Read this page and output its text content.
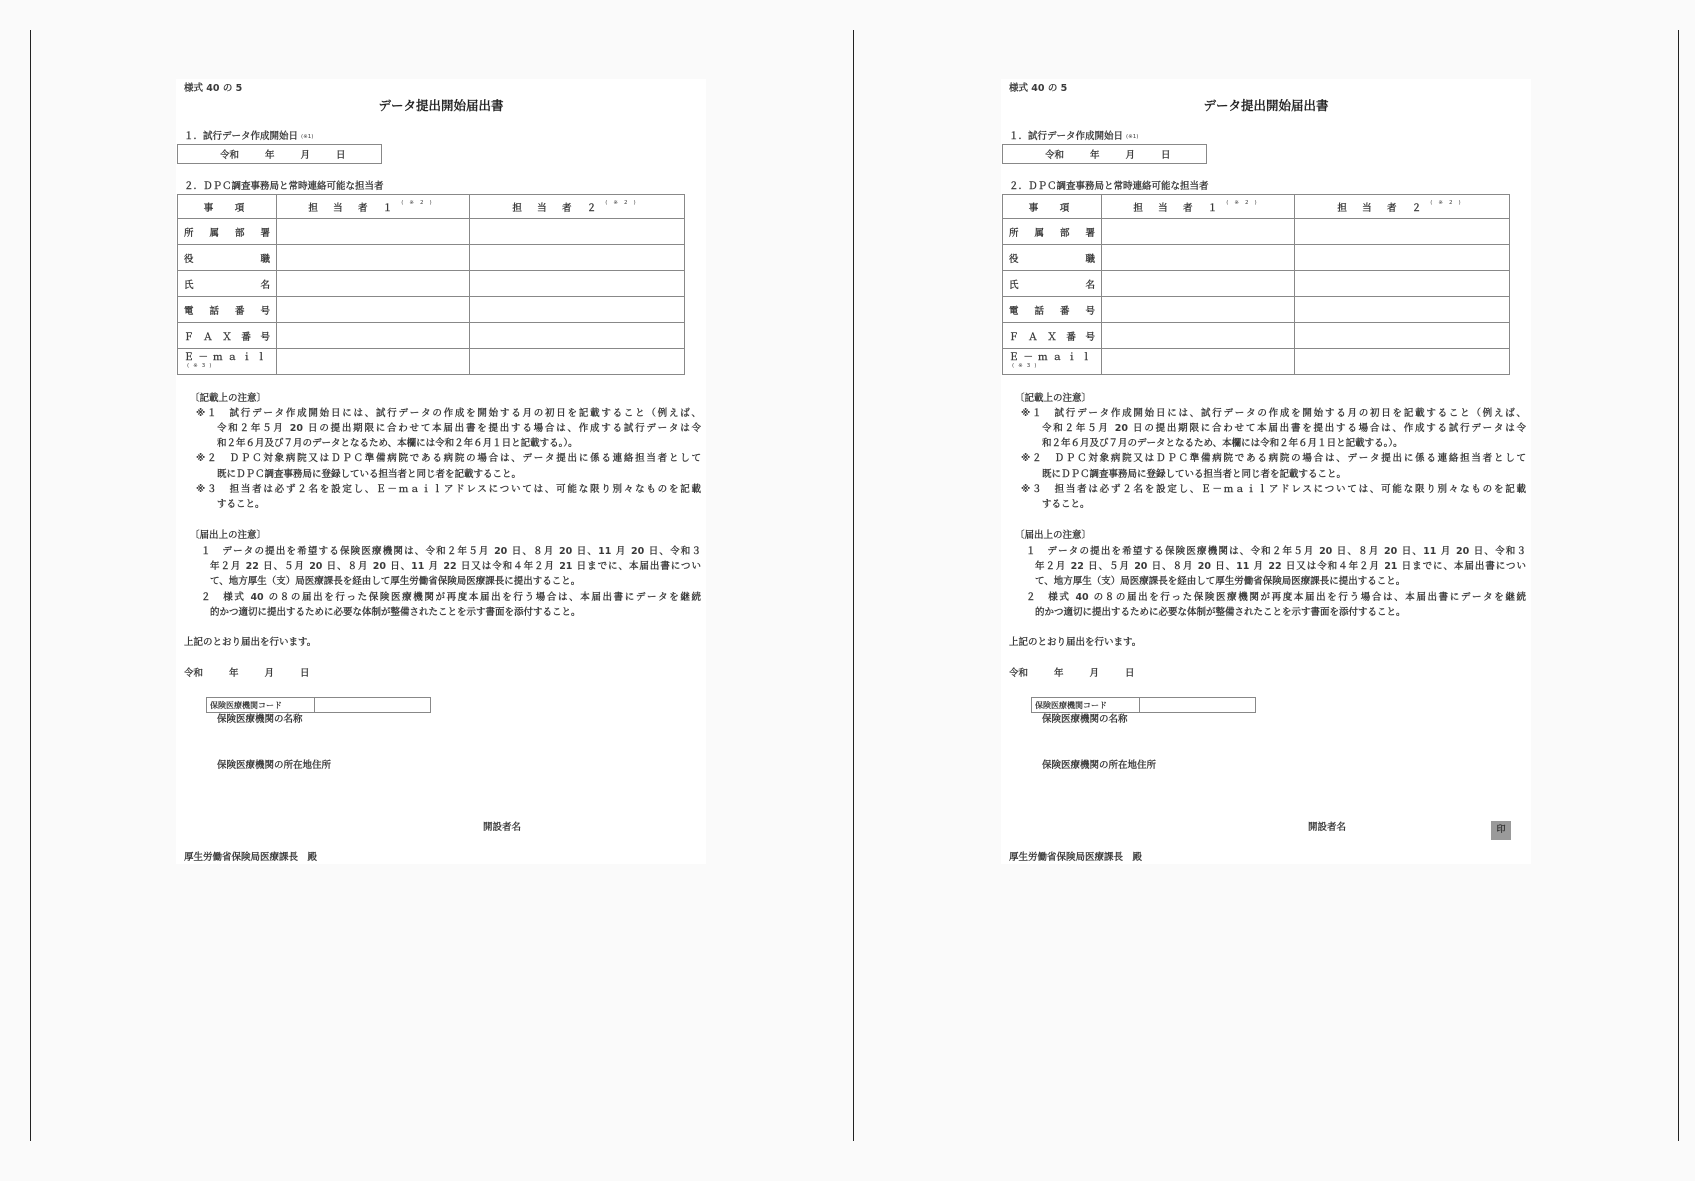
様式 40 の 5
データ提出開始届出書
１．試行データ作成開始日 $^{(※1)}$
令和	年	月	日
２．ＤＰＣ調査事務局と常時連絡可能な担当者
事　項	担 当 者 １ $^{(※2)}$	担 当 者 ２ $^{(※2)}$
所 属 部 署		
役　　　職		
氏　　　名		
電 話 番 号		
ＦＡＸ番号		
Ｅ－ｍａｉｌ$^{(※3)}$		
〔記載上の注意〕
※１　試行データ作成開始日には、試行データの作成を開始する月の初日を記載すること（例えば、
令和２年５月 20 日の提出期限に合わせて本届出書を提出する場合は、作成する試行データは令
和２年６月及び７月のデータとなるため、本欄には令和２年６月１日と記載する。）。
※２　ＤＰＣ対象病院又はＤＰＣ準備病院である病院の場合は、データ提出に係る連絡担当者として
既にＤＰＣ調査事務局に登録している担当者と同じ者を記載すること。
※３　担当者は必ず２名を設定し、Ｅ－ｍａｉｌアドレスについては、可能な限り別々なものを記載
すること。
〔届出上の注意〕
１　データの提出を希望する保険医療機関は、令和２年５月 20 日、８月 20 日、11 月 20 日、令和３
年２月 22 日、５月 20 日、８月 20 日、11 月 22 日又は令和４年２月 21 日までに、本届出書につい
て、地方厚生（支）局医療課長を経由して厚生労働省保険局医療課長に提出すること。
２　様式 40 の８の届出を行った保険医療機関が再度本届出を行う場合は、本届出書にデータを継続
的かつ適切に提出するために必要な体制が整備されたことを示す書面を添付すること。
上記のとおり届出を行います。
令和	年	月	日
保険医療機関コード
保険医療機関の名称
保険医療機関の所在地住所
開設者名
厚生労働省保険局医療課長　殿
様式 40 の 5
データ提出開始届出書
１．試行データ作成開始日 $^{(※1)}$
令和	年	月	日
２．ＤＰＣ調査事務局と常時連絡可能な担当者
事　項	担 当 者 １ $^{(※2)}$	担 当 者 ２ $^{(※2)}$
所 属 部 署		
役　　　職		
氏　　　名		
電 話 番 号		
ＦＡＸ番号		
Ｅ－ｍａｉｌ$^{(※3)}$		
〔記載上の注意〕
※１　試行データ作成開始日には、試行データの作成を開始する月の初日を記載すること（例えば、
令和２年５月 20 日の提出期限に合わせて本届出書を提出する場合は、作成する試行データは令
和２年６月及び７月のデータとなるため、本欄には令和２年６月１日と記載する。）。
※２　ＤＰＣ対象病院又はＤＰＣ準備病院である病院の場合は、データ提出に係る連絡担当者として
既にＤＰＣ調査事務局に登録している担当者と同じ者を記載すること。
※３　担当者は必ず２名を設定し、Ｅ－ｍａｉｌアドレスについては、可能な限り別々なものを記載
すること。
〔届出上の注意〕
１　データの提出を希望する保険医療機関は、令和２年５月 20 日、８月 20 日、11 月 20 日、令和３
年２月 22 日、５月 20 日、８月 20 日、11 月 22 日又は令和４年２月 21 日までに、本届出書につい
て、地方厚生（支）局医療課長を経由して厚生労働省保険局医療課長に提出すること。
２　様式 40 の８の届出を行った保険医療機関が再度本届出を行う場合は、本届出書にデータを継続
的かつ適切に提出するために必要な体制が整備されたことを示す書面を添付すること。
上記のとおり届出を行います。
令和	年	月	日
保険医療機関コード
保険医療機関の名称
保険医療機関の所在地住所
開設者名
厚生労働省保険局医療課長　殿
印
